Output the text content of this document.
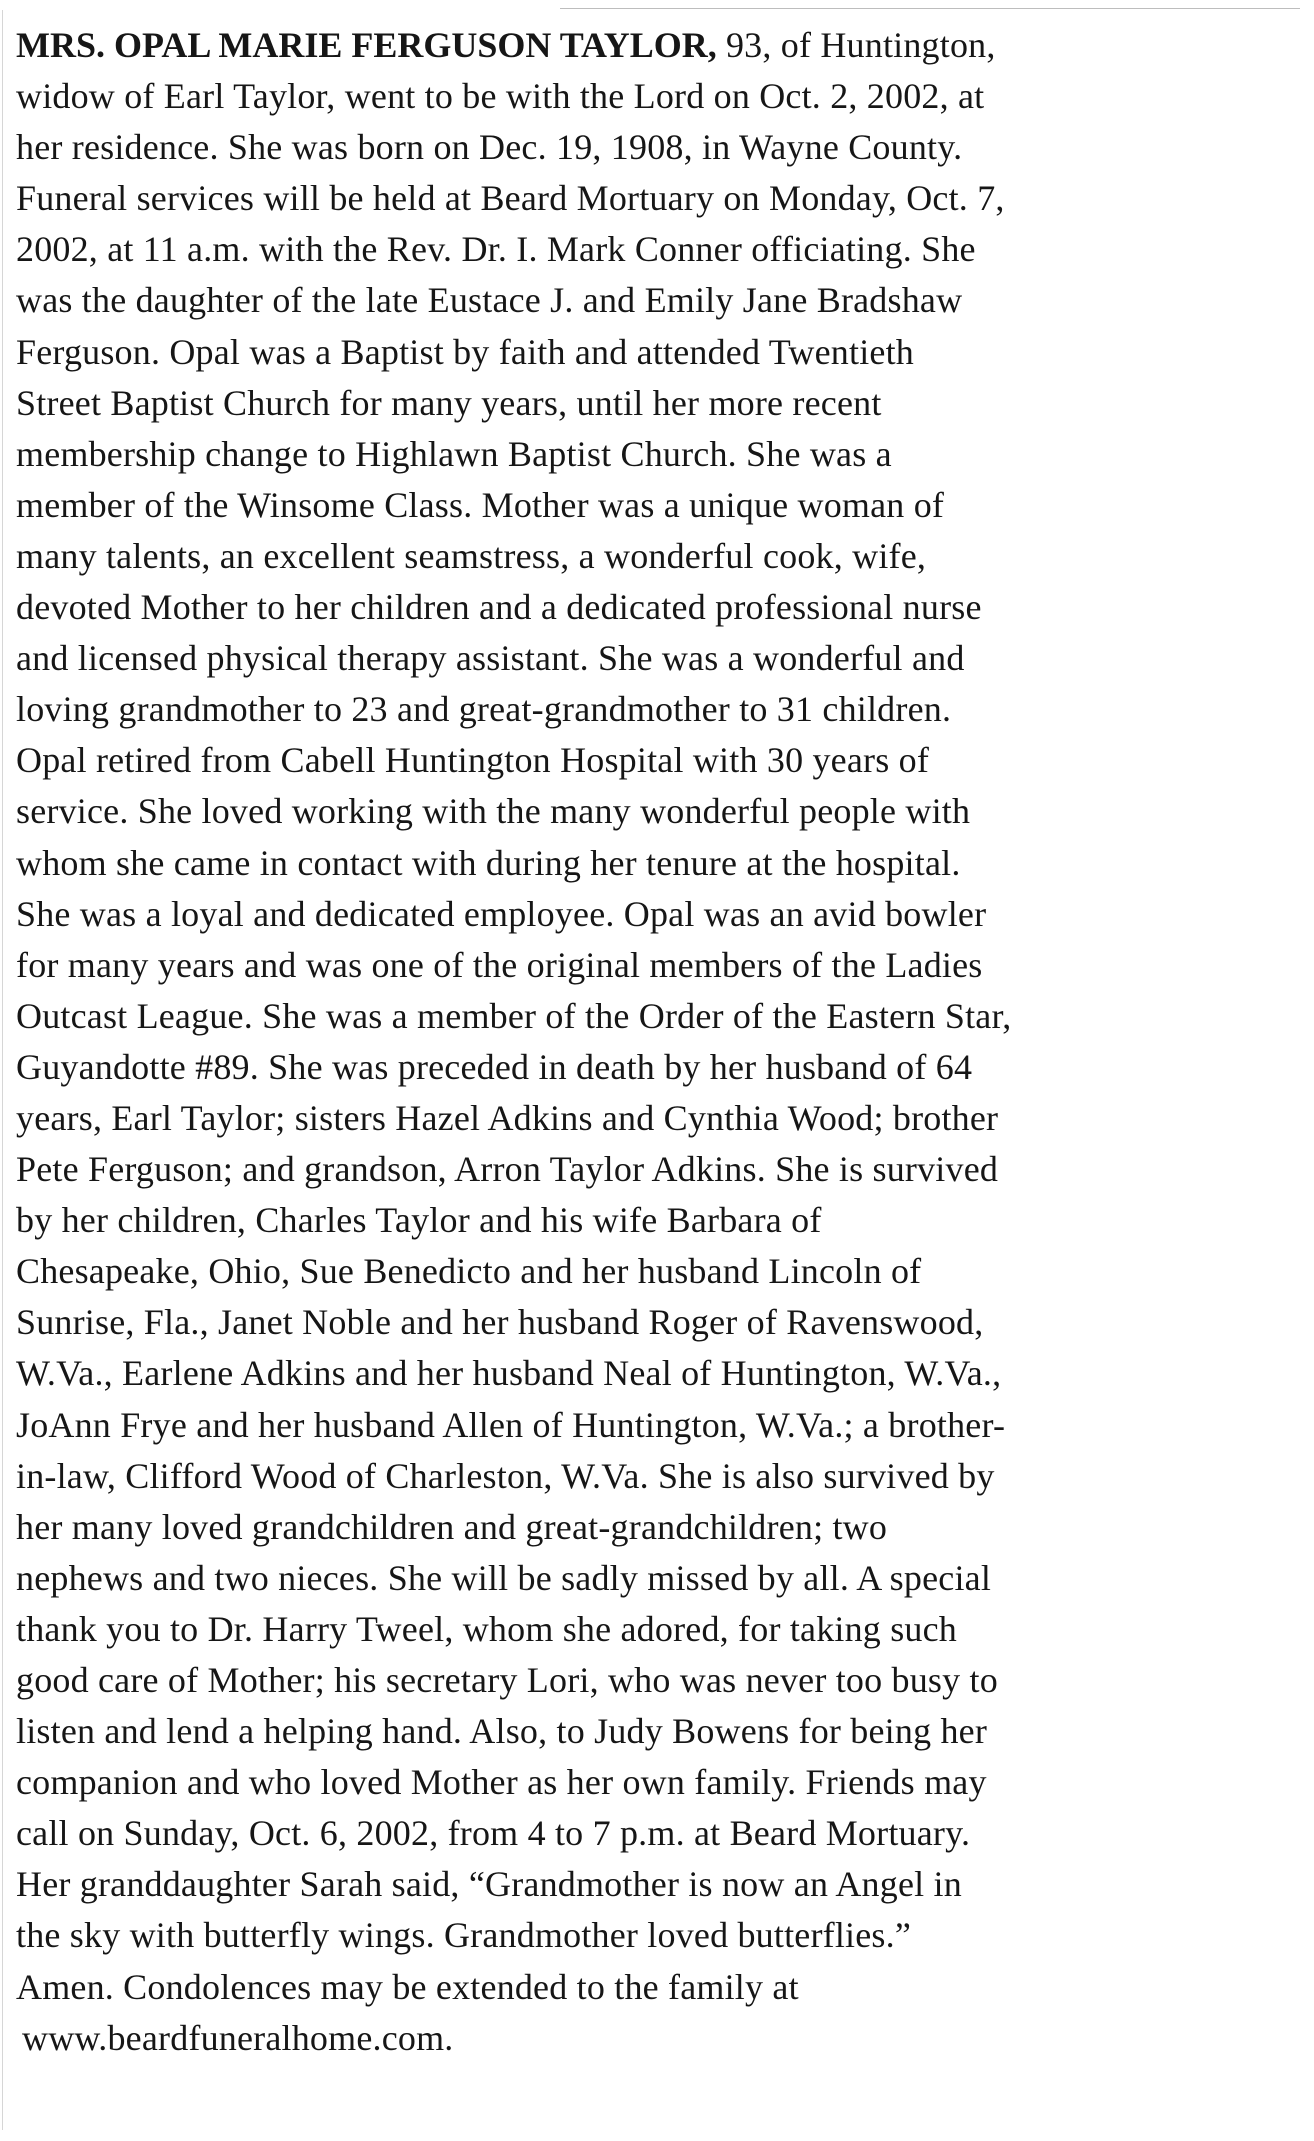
MRS. OPAL MARIE FERGUSON TAYLOR, 93, of Huntington,
widow of Earl Taylor, went to be with the Lord on Oct. 2, 2002, at
her residence. She was born on Dec. 19, 1908, in Wayne County.
Funeral services will be held at Beard Mortuary on Monday, Oct. 7,
2002, at 11 a.m. with the Rev. Dr. I. Mark Conner officiating. She
was the daughter of the late Eustace J. and Emily Jane Bradshaw
Ferguson. Opal was a Baptist by faith and attended Twentieth
Street Baptist Church for many years, until her more recent
membership change to Highlawn Baptist Church. She was a
member of the Winsome Class. Mother was a unique woman of
many talents, an excellent seamstress, a wonderful cook, wife,
devoted Mother to her children and a dedicated professional nurse
and licensed physical therapy assistant. She was a wonderful and
loving grandmother to 23 and great-grandmother to 31 children.
Opal retired from Cabell Huntington Hospital with 30 years of
service. She loved working with the many wonderful people with
whom she came in contact with during her tenure at the hospital.
She was a loyal and dedicated employee. Opal was an avid bowler
for many years and was one of the original members of the Ladies
Outcast League. She was a member of the Order of the Eastern Star,
Guyandotte #89. She was preceded in death by her husband of 64
years, Earl Taylor; sisters Hazel Adkins and Cynthia Wood; brother
Pete Ferguson; and grandson, Arron Taylor Adkins. She is survived
by her children, Charles Taylor and his wife Barbara of
Chesapeake, Ohio, Sue Benedicto and her husband Lincoln of
Sunrise, Fla., Janet Noble and her husband Roger of Ravenswood,
W.Va., Earlene Adkins and her husband Neal of Huntington, W.Va.,
JoAnn Frye and her husband Allen of Huntington, W.Va.; a brother-
in-law, Clifford Wood of Charleston, W.Va. She is also survived by
her many loved grandchildren and great-grandchildren; two
nephews and two nieces. She will be sadly missed by all. A special
thank you to Dr. Harry Tweel, whom she adored, for taking such
good care of Mother; his secretary Lori, who was never too busy to
listen and lend a helping hand. Also, to Judy Bowens for being her
companion and who loved Mother as her own family. Friends may
call on Sunday, Oct. 6, 2002, from 4 to 7 p.m. at Beard Mortuary.
Her granddaughter Sarah said, “Grandmother is now an Angel in
the sky with butterfly wings. Grandmother loved butterflies.”
Amen. Condolences may be extended to the family at
www.beardfuneralhome.com.
